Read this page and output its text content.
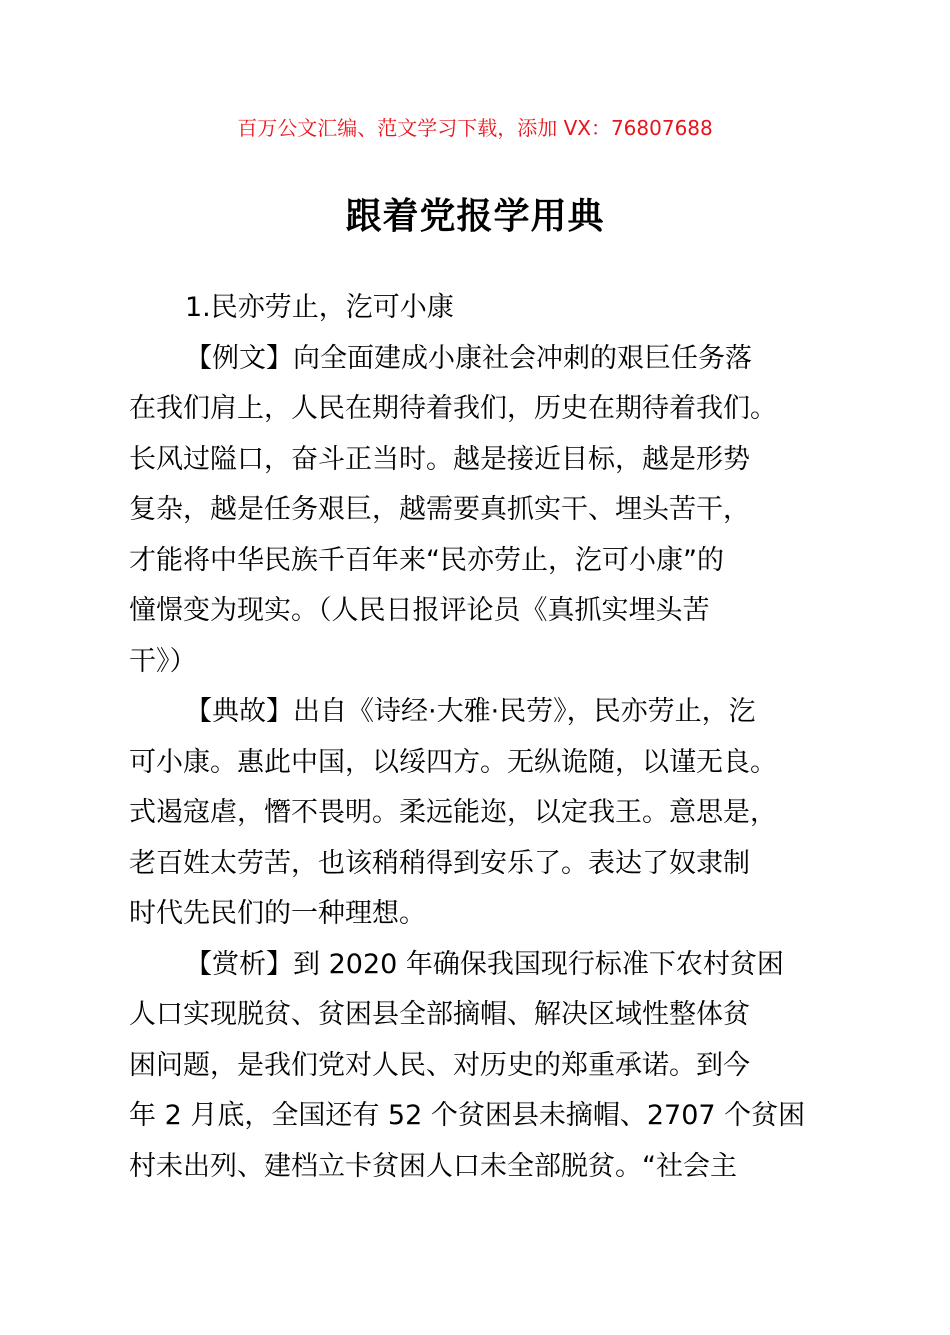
百万公文汇编、范文学习下载，添加 VX：76807688
跟着党报学用典
1.民亦劳止，汔可小康
【例文】向全面建成小康社会冲刺的艰巨任务落
在我们肩上，人民在期待着我们，历史在期待着我们。
长风过隘口，奋斗正当时。越是接近目标，越是形势
复杂，越是任务艰巨，越需要真抓实干、埋头苦干，
才能将中华民族千百年来“民亦劳止，汔可小康”的
憧憬变为现实。（人民日报评论员《真抓实埋头苦
干》）
【典故】出自《诗经·大雅·民劳》，民亦劳止，汔
可小康。惠此中国，以绥四方。无纵诡随，以谨无良。
式遏寇虐，憯不畏明。柔远能迩，以定我王。意思是，
老百姓太劳苦，也该稍稍得到安乐了。表达了奴隶制
时代先民们的一种理想。
【赏析】到 2020 年确保我国现行标准下农村贫困
人口实现脱贫、贫困县全部摘帽、解决区域性整体贫
困问题，是我们党对人民、对历史的郑重承诺。到今
年 2 月底，全国还有 52 个贫困县未摘帽、2707 个贫困
村未出列、建档立卡贫困人口未全部脱贫。“社会主
